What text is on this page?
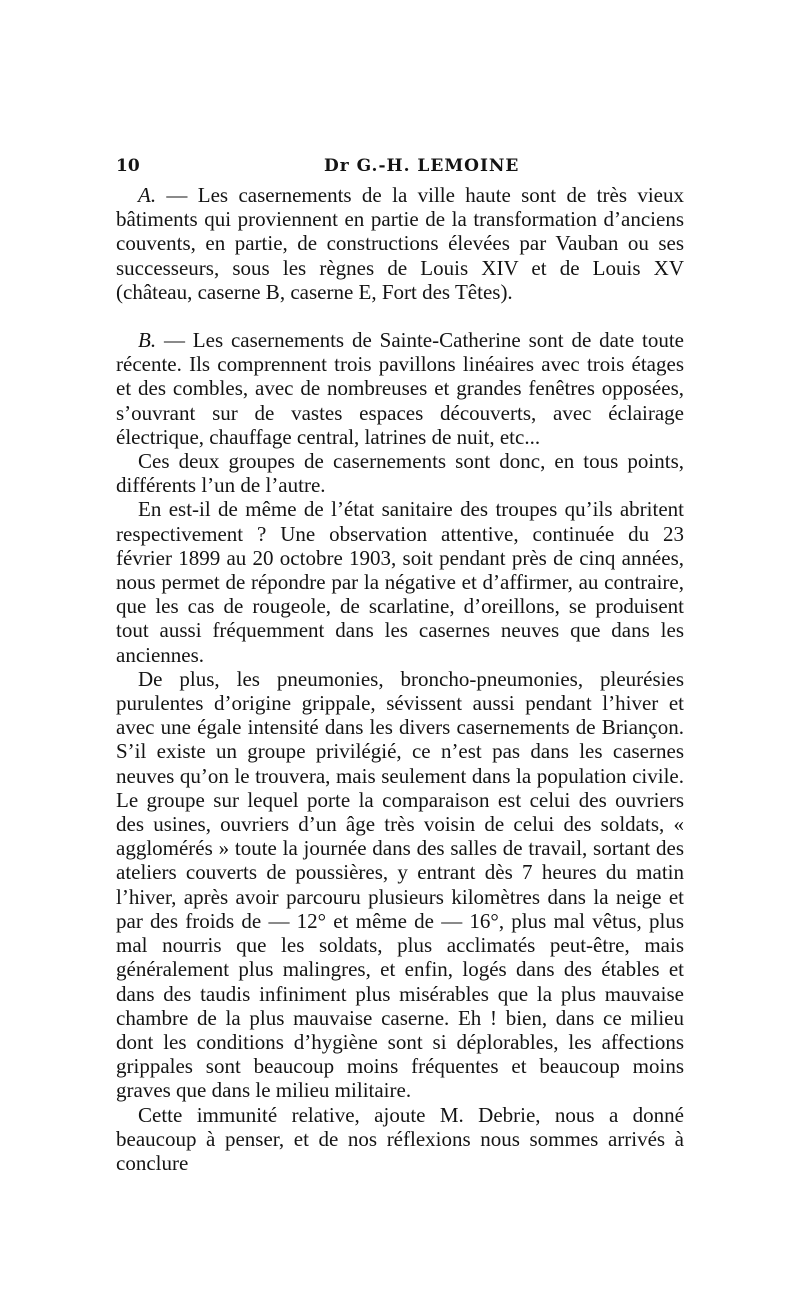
10	Dr G.-H. LEMOINE

A. — Les casernements de la ville haute sont de très vieux bâtiments qui proviennent en partie de la transformation d’anciens couvents, en partie, de constructions élevées par Vauban ou ses successeurs, sous les règnes de Louis XIV et de Louis XV (château, caserne B, caserne E, Fort des Têtes).

B. — Les casernements de Sainte-Catherine sont de date toute récente. Ils comprennent trois pavillons linéaires avec trois étages et des combles, avec de nombreuses et grandes fenêtres opposées, s’ouvrant sur de vastes espaces découverts, avec éclairage électrique, chauffage central, latrines de nuit, etc...

Ces deux groupes de casernements sont donc, en tous points, différents l’un de l’autre.

En est-il de même de l’état sanitaire des troupes qu’ils abritent respectivement ? Une observation attentive, continuée du 23 février 1899 au 20 octobre 1903, soit pendant près de cinq années, nous permet de répondre par la négative et d’affirmer, au contraire, que les cas de rougeole, de scarlatine, d’oreillons, se produisent tout aussi fréquemment dans les casernes neuves que dans les anciennes.

De plus, les pneumonies, broncho-pneumonies, pleurésies purulentes d’origine grippale, sévissent aussi pendant l’hiver et avec une égale intensité dans les divers casernements de Briançon. S’il existe un groupe privilégié, ce n’est pas dans les casernes neuves qu’on le trouvera, mais seulement dans la population civile. Le groupe sur lequel porte la comparaison est celui des ouvriers des usines, ouvriers d’un âge très voisin de celui des soldats, « agglomérés » toute la journée dans des salles de travail, sortant des ateliers couverts de poussières, y entrant dès 7 heures du matin l’hiver, après avoir parcouru plusieurs kilomètres dans la neige et par des froids de — 12° et même de — 16°, plus mal vêtus, plus mal nourris que les soldats, plus acclimatés peut-être, mais généralement plus malingres, et enfin, logés dans des étables et dans des taudis infiniment plus misérables que la plus mauvaise chambre de la plus mauvaise caserne. Eh ! bien, dans ce milieu dont les conditions d’hygiène sont si déplorables, les affections grippales sont beaucoup moins fréquentes et beaucoup moins graves que dans le milieu militaire.

Cette immunité relative, ajoute M. Debrie, nous a donné beaucoup à penser, et de nos réflexions nous sommes arrivés à conclure
